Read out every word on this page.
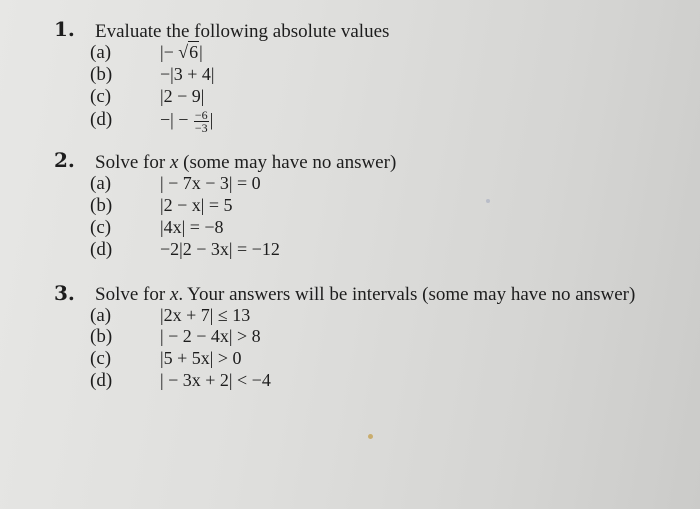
1. Evaluate the following absolute values
(a)	|− √6|
(b)	−|3 + 4|
(c)	|2 − 9|
(d)	−| − $\frac{-6}{-3}$ |
2. Solve for x (some may have no answer)
(a)	| − 7x − 3| = 0
(b)	|2 − x| = 5
(c)	|4x| = −8
(d)	−2|2 − 3x| = −12
3. Solve for x. Your answers will be intervals (some may have no answer)
(a)	|2x + 7| ≤ 13
(b)	| − 2 − 4x| > 8
(c)	|5 + 5x| > 0
(d)	| − 3x + 2| < −4
